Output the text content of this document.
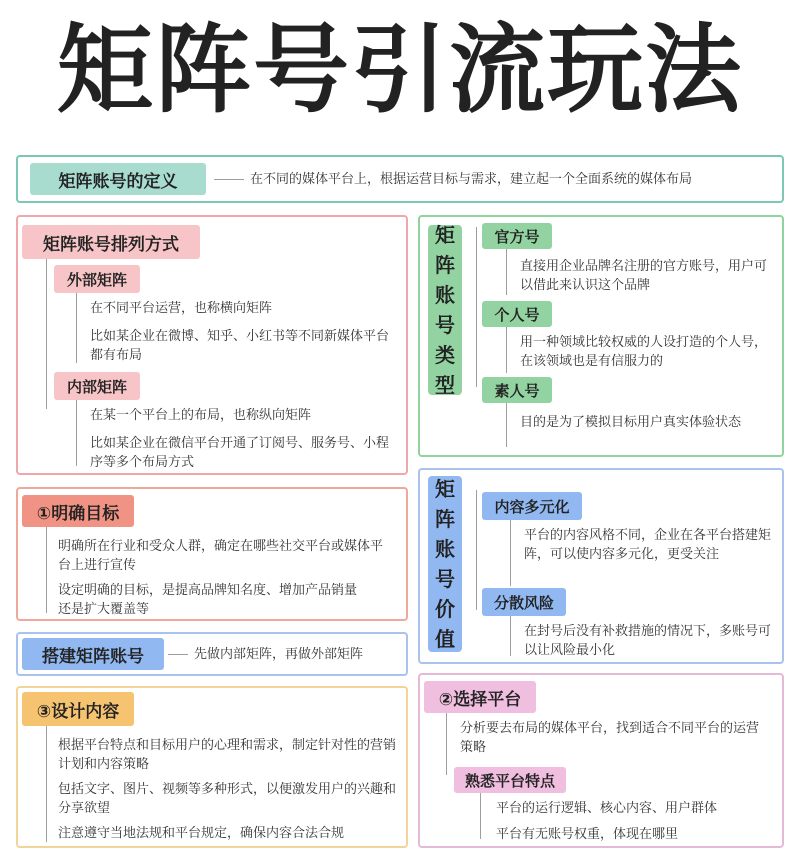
矩阵号引流玩法
矩阵账号的定义	在不同的媒体平台上，根据运营目标与需求，建立起一个全面系统的媒体布局
矩阵账号排列方式
外部矩阵
在不同平台运营，也称横向矩阵
比如某企业在微博、知乎、小红书等不同新媒体平台都有布局
内部矩阵
在某一个平台上的布局，也称纵向矩阵
比如某企业在微信平台开通了订阅号、服务号、小程序等多个布局方式
矩
阵
账
号
类
型
官方号
直接用企业品牌名注册的官方账号，用户可以借此来认识这个品牌
个人号
用一种领域比较权威的人设打造的个人号，在该领域也是有信服力的
素人号
目的是为了模拟目标用户真实体验状态
①明确目标
明确所在行业和受众人群，确定在哪些社交平台或媒体平台上进行宣传
设定明确的目标，是提高品牌知名度、增加产品销量还是扩大覆盖等
矩
阵
账
号
价
值
内容多元化
平台的内容风格不同，企业在各平台搭建矩阵，可以使内容多元化，更受关注
分散风险
在封号后没有补救措施的情况下，多账号可以让风险最小化
搭建矩阵账号	先做内部矩阵，再做外部矩阵
③设计内容
根据平台特点和目标用户的心理和需求，制定针对性的营销计划和内容策略
包括文字、图片、视频等多种形式，以便激发用户的兴趣和分享欲望
注意遵守当地法规和平台规定，确保内容合法合规
②选择平台
分析要去布局的媒体平台，找到适合不同平台的运营策略
熟悉平台特点
平台的运行逻辑、核心内容、用户群体
平台有无账号权重，体现在哪里
